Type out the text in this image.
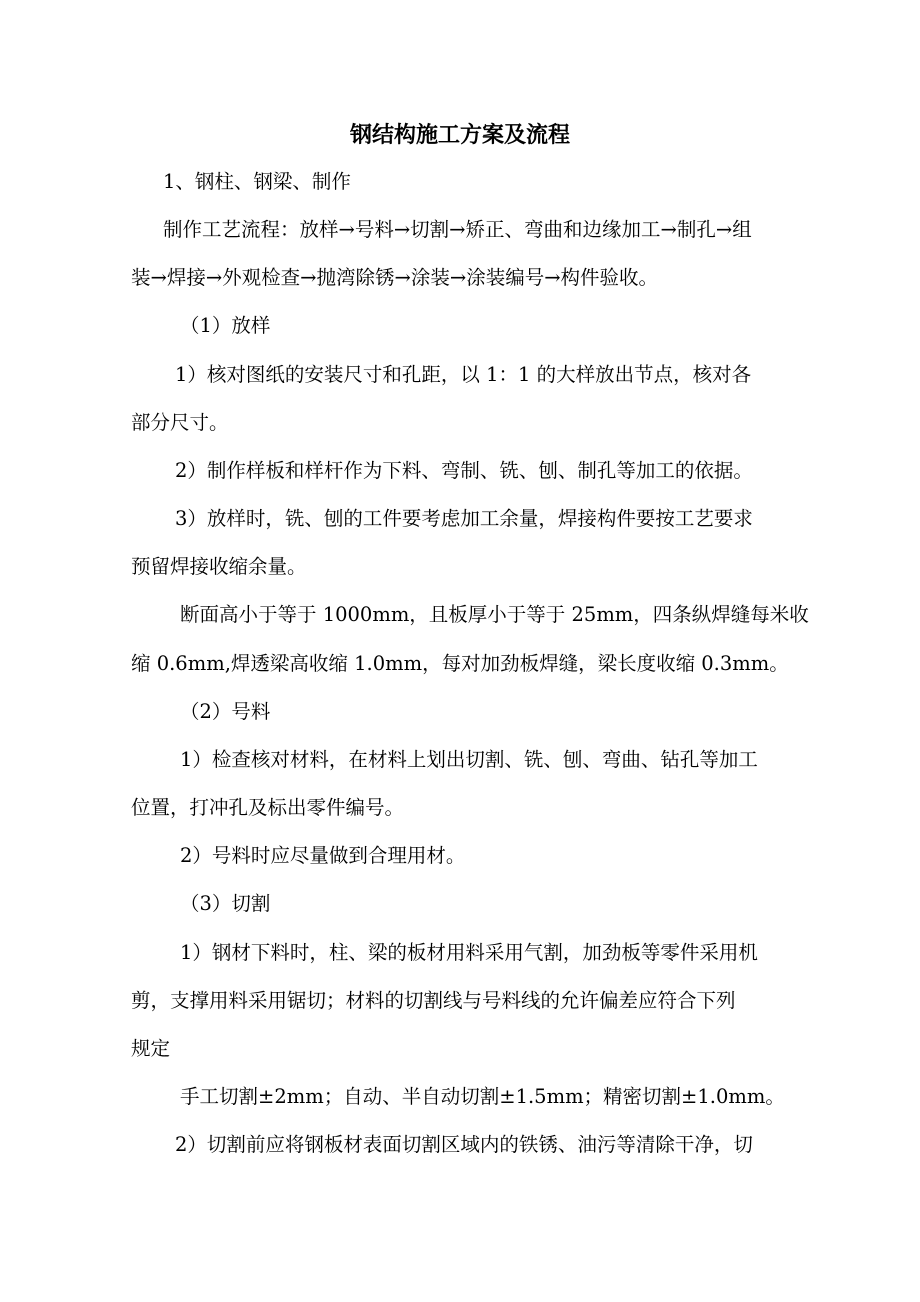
钢结构施工方案及流程

1、钢柱、钢梁、制作

制作工艺流程：放样→号料→切割→矫正、弯曲和边缘加工→制孔→组

装→焊接→外观检查→抛湾除锈→涂装→涂装编号→构件验收。

（1）放样

1）核对图纸的安装尺寸和孔距，以 1：1 的大样放出节点，核对各

部分尺寸。

2）制作样板和样杆作为下料、弯制、铣、刨、制孔等加工的依据。

3）放样时，铣、刨的工件要考虑加工余量，焊接构件要按工艺要求

预留焊接收缩余量。

断面高小于等于 1000mm，且板厚小于等于 25mm，四条纵焊缝每米收

缩 0.6mm,焊透梁高收缩 1.0mm，每对加劲板焊缝，梁长度收缩 0.3mm。

（2）号料

1）检查核对材料，在材料上划出切割、铣、刨、弯曲、钻孔等加工

位置，打冲孔及标出零件编号。

2）号料时应尽量做到合理用材。

（3）切割

1）钢材下料时，柱、梁的板材用料采用气割，加劲板等零件采用机

剪，支撑用料采用锯切；材料的切割线与号料线的允许偏差应符合下列

规定

手工切割±2mm；自动、半自动切割±1.5mm；精密切割±1.0mm。

2）切割前应将钢板材表面切割区域内的铁锈、油污等清除干净，切
